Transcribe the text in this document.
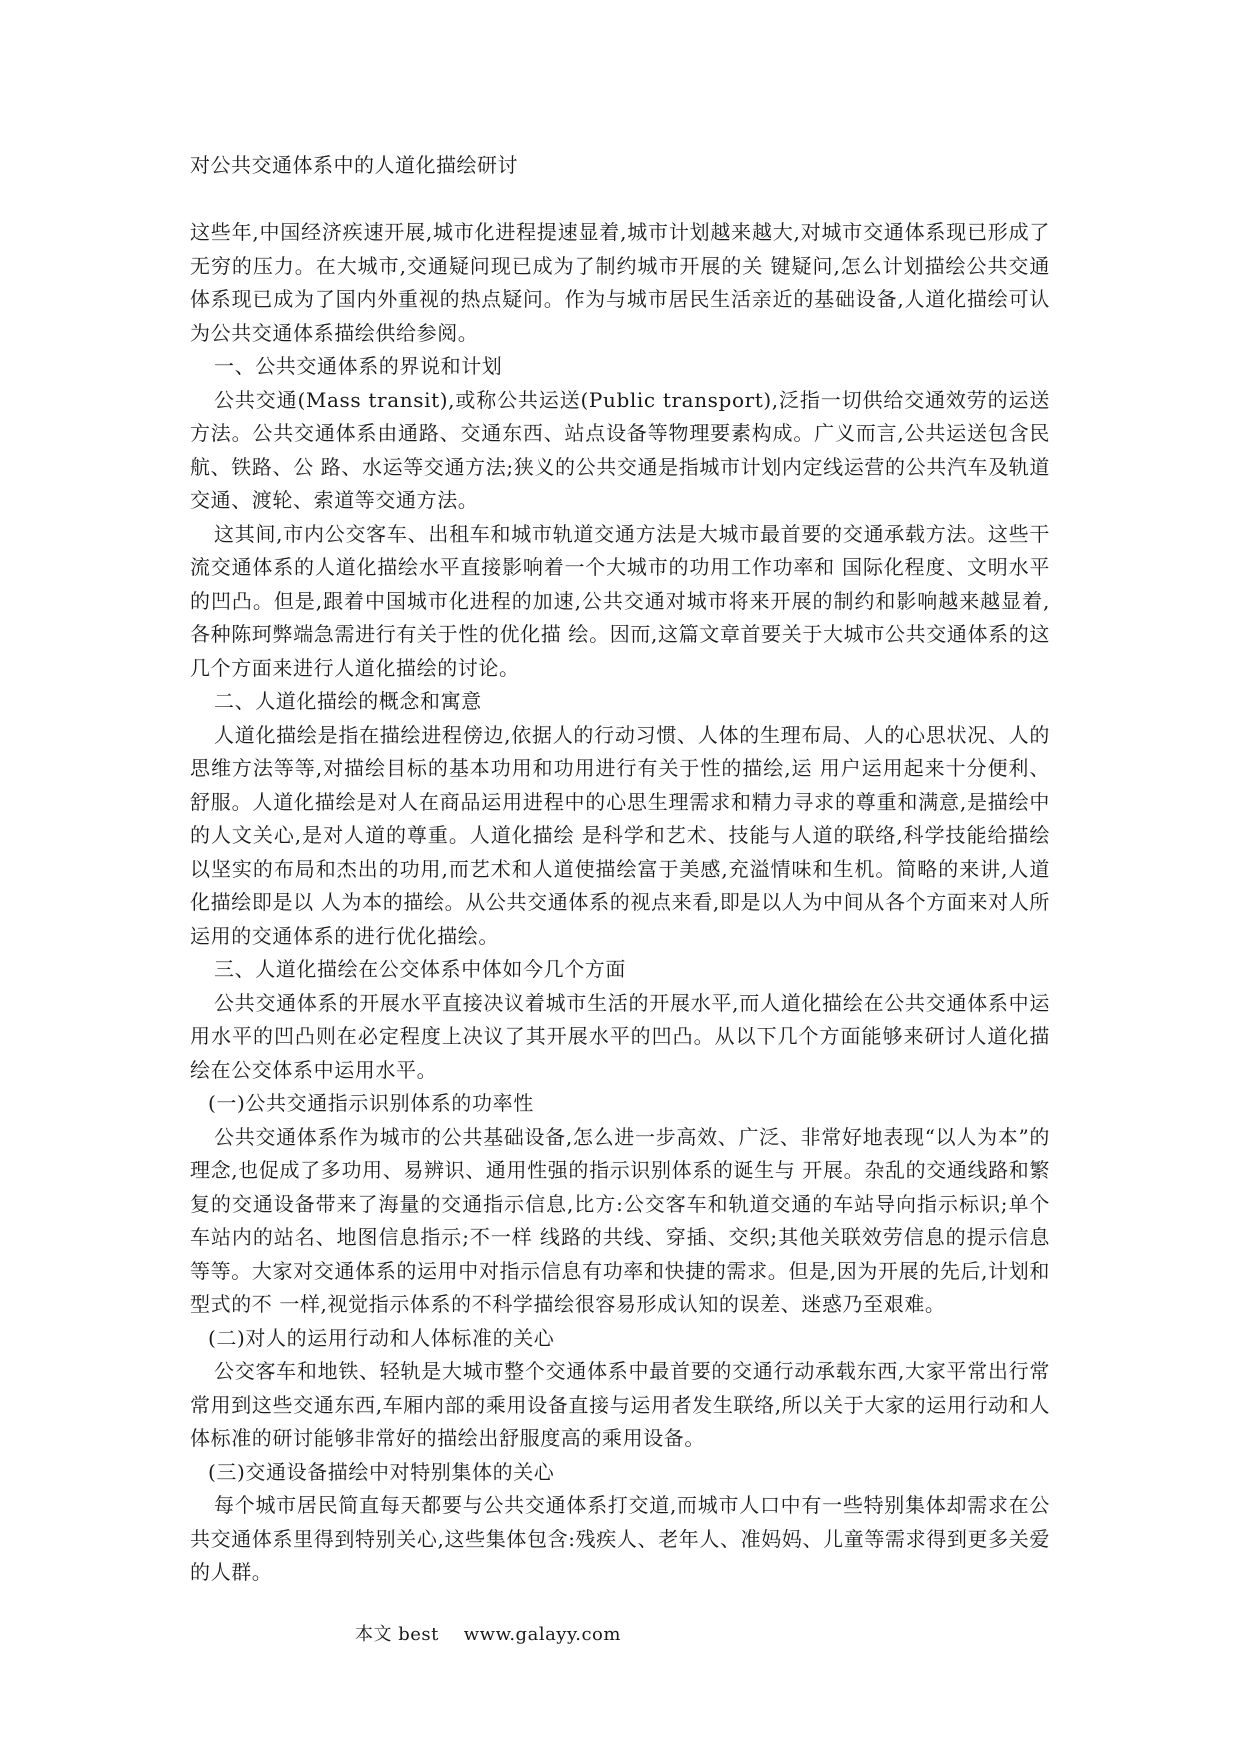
对公共交通体系中的人道化描绘研讨

这些年,中国经济疾速开展,城市化进程提速显着,城市计划越来越大,对城市交通体系现已形成了无穷的压力。在大城市,交通疑问现已成为了制约城市开展的关 键疑问,怎么计划描绘公共交通体系现已成为了国内外重视的热点疑问。作为与城市居民生活亲近的基础设备,人道化描绘可认为公共交通体系描绘供给参阅。

一、公共交通体系的界说和计划

公共交通(Mass transit),或称公共运送(Public transport),泛指一切供给交通效劳的运送方法。公共交通体系由通路、交通东西、站点设备等物理要素构成。广义而言,公共运送包含民航、铁路、公 路、水运等交通方法;狭义的公共交通是指城市计划内定线运营的公共汽车及轨道交通、渡轮、索道等交通方法。

这其间,市内公交客车、出租车和城市轨道交通方法是大城市最首要的交通承载方法。这些干流交通体系的人道化描绘水平直接影响着一个大城市的功用工作功率和 国际化程度、文明水平的凹凸。但是,跟着中国城市化进程的加速,公共交通对城市将来开展的制约和影响越来越显着,各种陈珂弊端急需进行有关于性的优化描 绘。因而,这篇文章首要关于大城市公共交通体系的这几个方面来进行人道化描绘的讨论。

二、人道化描绘的概念和寓意

人道化描绘是指在描绘进程傍边,依据人的行动习惯、人体的生理布局、人的心思状况、人的思维方法等等,对描绘目标的基本功用和功用进行有关于性的描绘,运 用户运用起来十分便利、舒服。人道化描绘是对人在商品运用进程中的心思生理需求和精力寻求的尊重和满意,是描绘中的人文关心,是对人道的尊重。人道化描绘 是科学和艺术、技能与人道的联络,科学技能给描绘以坚实的布局和杰出的功用,而艺术和人道使描绘富于美感,充溢情味和生机。简略的来讲,人道化描绘即是以 人为本的描绘。从公共交通体系的视点来看,即是以人为中间从各个方面来对人所运用的交通体系的进行优化描绘。

三、人道化描绘在公交体系中体如今几个方面

公共交通体系的开展水平直接决议着城市生活的开展水平,而人道化描绘在公共交通体系中运用水平的凹凸则在必定程度上决议了其开展水平的凹凸。从以下几个方面能够来研讨人道化描绘在公交体系中运用水平。

(一)公共交通指示识别体系的功率性

公共交通体系作为城市的公共基础设备,怎么进一步高效、广泛、非常好地表现“以人为本”的理念,也促成了多功用、易辨识、通用性强的指示识别体系的诞生与 开展。杂乱的交通线路和繁复的交通设备带来了海量的交通指示信息,比方:公交客车和轨道交通的车站导向指示标识;单个车站内的站名、地图信息指示;不一样 线路的共线、穿插、交织;其他关联效劳信息的提示信息等等。大家对交通体系的运用中对指示信息有功率和快捷的需求。但是,因为开展的先后,计划和型式的不 一样,视觉指示体系的不科学描绘很容易形成认知的误差、迷惑乃至艰难。

(二)对人的运用行动和人体标准的关心

公交客车和地铁、轻轨是大城市整个交通体系中最首要的交通行动承载东西,大家平常出行常常用到这些交通东西,车厢内部的乘用设备直接与运用者发生联络,所以关于大家的运用行动和人体标准的研讨能够非常好的描绘出舒服度高的乘用设备。

(三)交通设备描绘中对特别集体的关心

每个城市居民简直每天都要与公共交通体系打交道,而城市人口中有一些特别集体却需求在公共交通体系里得到特别关心,这些集体包含:残疾人、老年人、准妈妈、儿童等需求得到更多关爱的人群。

本文 best    www.galayy.com
